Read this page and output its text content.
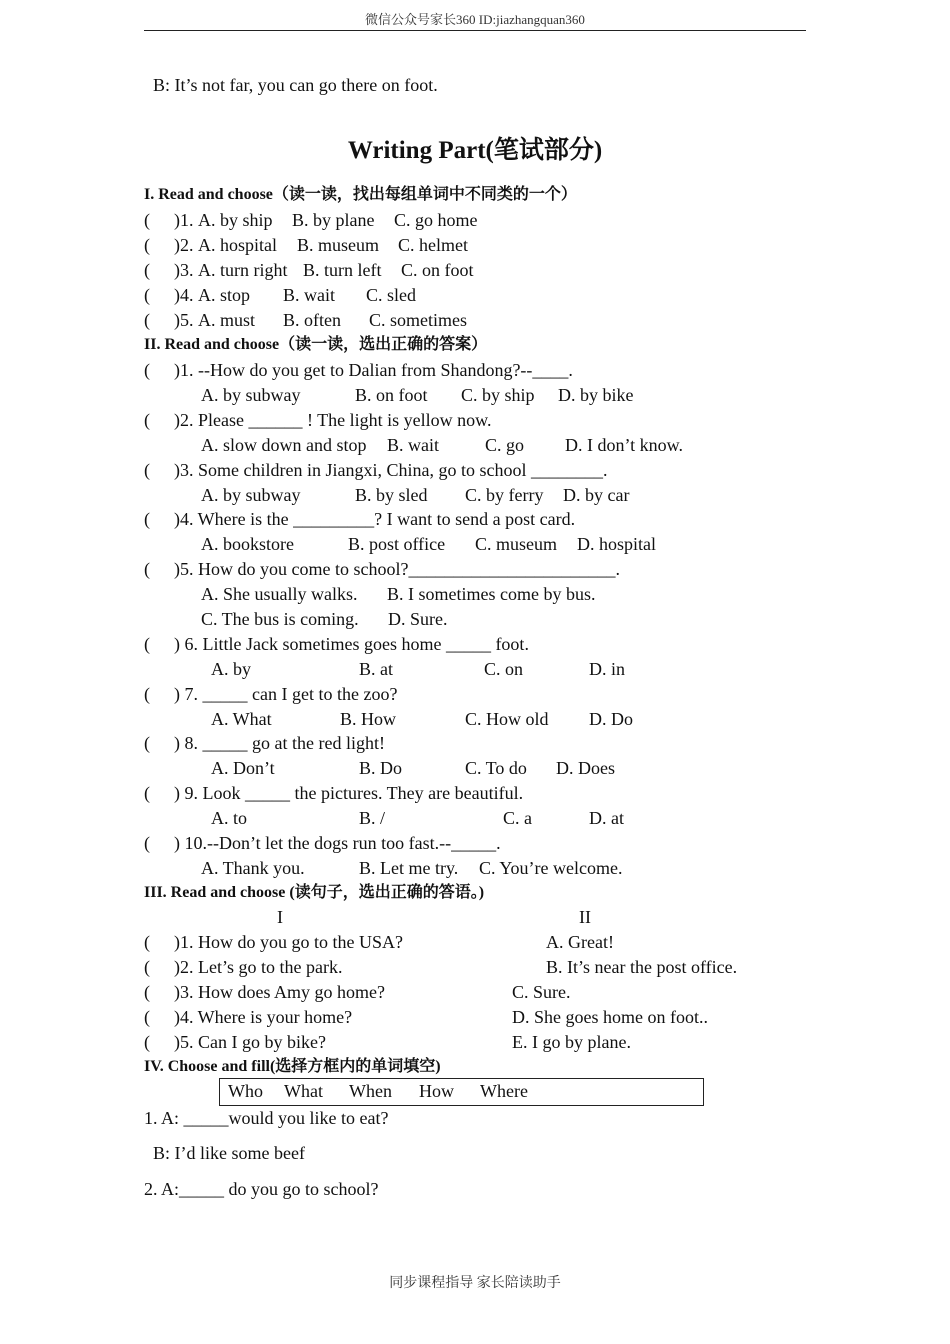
微信公众号家长360 ID:jiazhangquan360
B: It’s not far, you can go there on foot.
Writing Part(笔试部分)
I. Read and choose（读一读，找出每组单词中不同类的一个）
( )1. A. by ship B. by plane C. go home
( )2. A. hospital B. museum C. helmet
( )3. A. turn right B. turn left C. on foot
( )4. A. stop B. wait C. sled
( )5. A. must B. often C. sometimes
II. Read and choose（读一读，选出正确的答案）
( )1. --How do you get to Dalian from Shandong?--____.
A. by subway	B. on foot C. by ship D. by bike
( )2. Please ______ ! The light is yellow now.
A. slow down and stop B. wait	C. go D. I don’t know.
( )3. Some children in Jiangxi, China, go to school ________.
A. by subway	B. by sled C. by ferry D. by car
( )4. Where is the _________? I want to send a post card.
A. bookstore	B. post office C. museum D. hospital
( )5. How do you come to school?_______________________.
A. She usually walks. B. I sometimes come by bus.
C. The bus is coming. D. Sure.
( ) 6. Little Jack sometimes goes home _____ foot.
A. by	B. at	C. on	D. in
( ) 7. _____ can I get to the zoo?
A. What	B. How	C. How old D. Do
( ) 8. _____ go at the red light!
A. Don’t	B. Do	C. To do D. Does
( ) 9. Look _____ the pictures. They are beautiful.
A. to	B. /	C. a	D. at
( ) 10.--Don’t let the dogs run too fast.--_____.
A. Thank you.	B. Let me try. C. You’re welcome.
III. Read and choose (读句子，选出正确的答语。)
I	II
( )1. How do you go to the USA?	A. Great!
( )2. Let’s go to the park.	B. It’s near the post office.
( )3. How does Amy go home?	C. Sure.
( )4. Where is your home?	D. She goes home on foot..
( )5. Can I go by bike?	E. I go by plane.
IV. Choose and fill(选择方框内的单词填空)
Who What When How Where
1. A: _____would you like to eat?
B: I’d like some beef
2. A:_____ do you go to school?
同步课程指导 家长陪读助手
